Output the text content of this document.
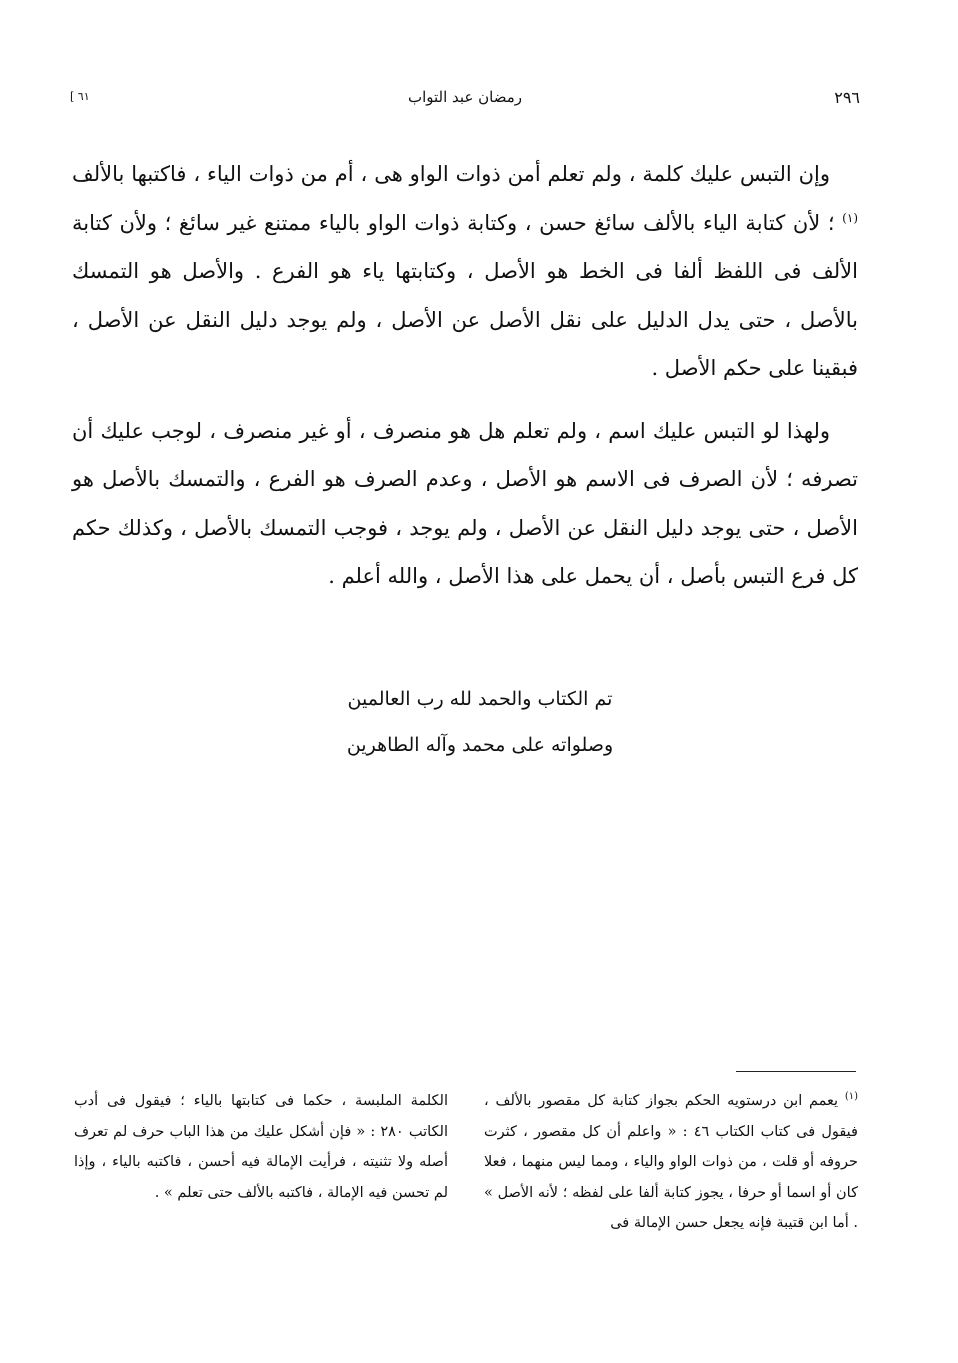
٢٩٦
رمضان عبد التواب
٦١ ]

وإن التبس عليك كلمة ، ولم تعلم أمن ذوات الواو هى ، أم من ذوات الياء ، فاكتبها بالألف $^{(١)}$ ؛ لأن كتابة الياء بالألف سائغ حسن ، وكتابة ذوات الواو بالياء ممتنع غير سائغ ؛ ولأن كتابة الألف فى اللفظ ألفا فى الخط هو الأصل ، وكتابتها ياء هو الفرع . والأصل هو التمسك بالأصل ، حتى يدل الدليل على نقل الأصل عن الأصل ، ولم يوجد دليل النقل عن الأصل ، فبقينا على حكم الأصل .

ولهذا لو التبس عليك اسم ، ولم تعلم هل هو منصرف ، أو غير منصرف ، لوجب عليك أن تصرفه ؛ لأن الصرف فى الاسم هو الأصل ، وعدم الصرف هو الفرع ، والتمسك بالأصل هو الأصل ، حتى يوجد دليل النقل عن الأصل ، ولم يوجد ، فوجب التمسك بالأصل ، وكذلك حكم كل فرع التبس بأصل ، أن يحمل على هذا الأصل ، والله أعلم .

تم الكتاب والحمد لله رب العالمين
وصلواته على محمد وآله الطاهرين
$^{(١)}$ يعمم ابن درستويه الحكم بجواز كتابة كل مقصور بالألف ، فيقول فى كتاب الكتاب ٤٦ : « واعلم أن كل مقصور ، كثرت حروفه أو قلت ، من ذوات الواو والياء ، ومما ليس منهما ، فعلا كان أو اسما أو حرفا ، يجوز كتابة ألفا على لفظه ؛ لأنه الأصل » . أما ابن قتيبة فإنه يجعل حسن الإمالة فى
الكلمة الملبسة ، حكما فى كتابتها بالياء ؛ فيقول فى أدب الكاتب ٢٨٠ : « فإن أشكل عليك من هذا الباب حرف لم تعرف أصله ولا تثنيته ، فرأيت الإمالة فيه أحسن ، فاكتبه بالياء ، وإذا لم تحسن فيه الإمالة ، فاكتبه بالألف حتى تعلم » .
